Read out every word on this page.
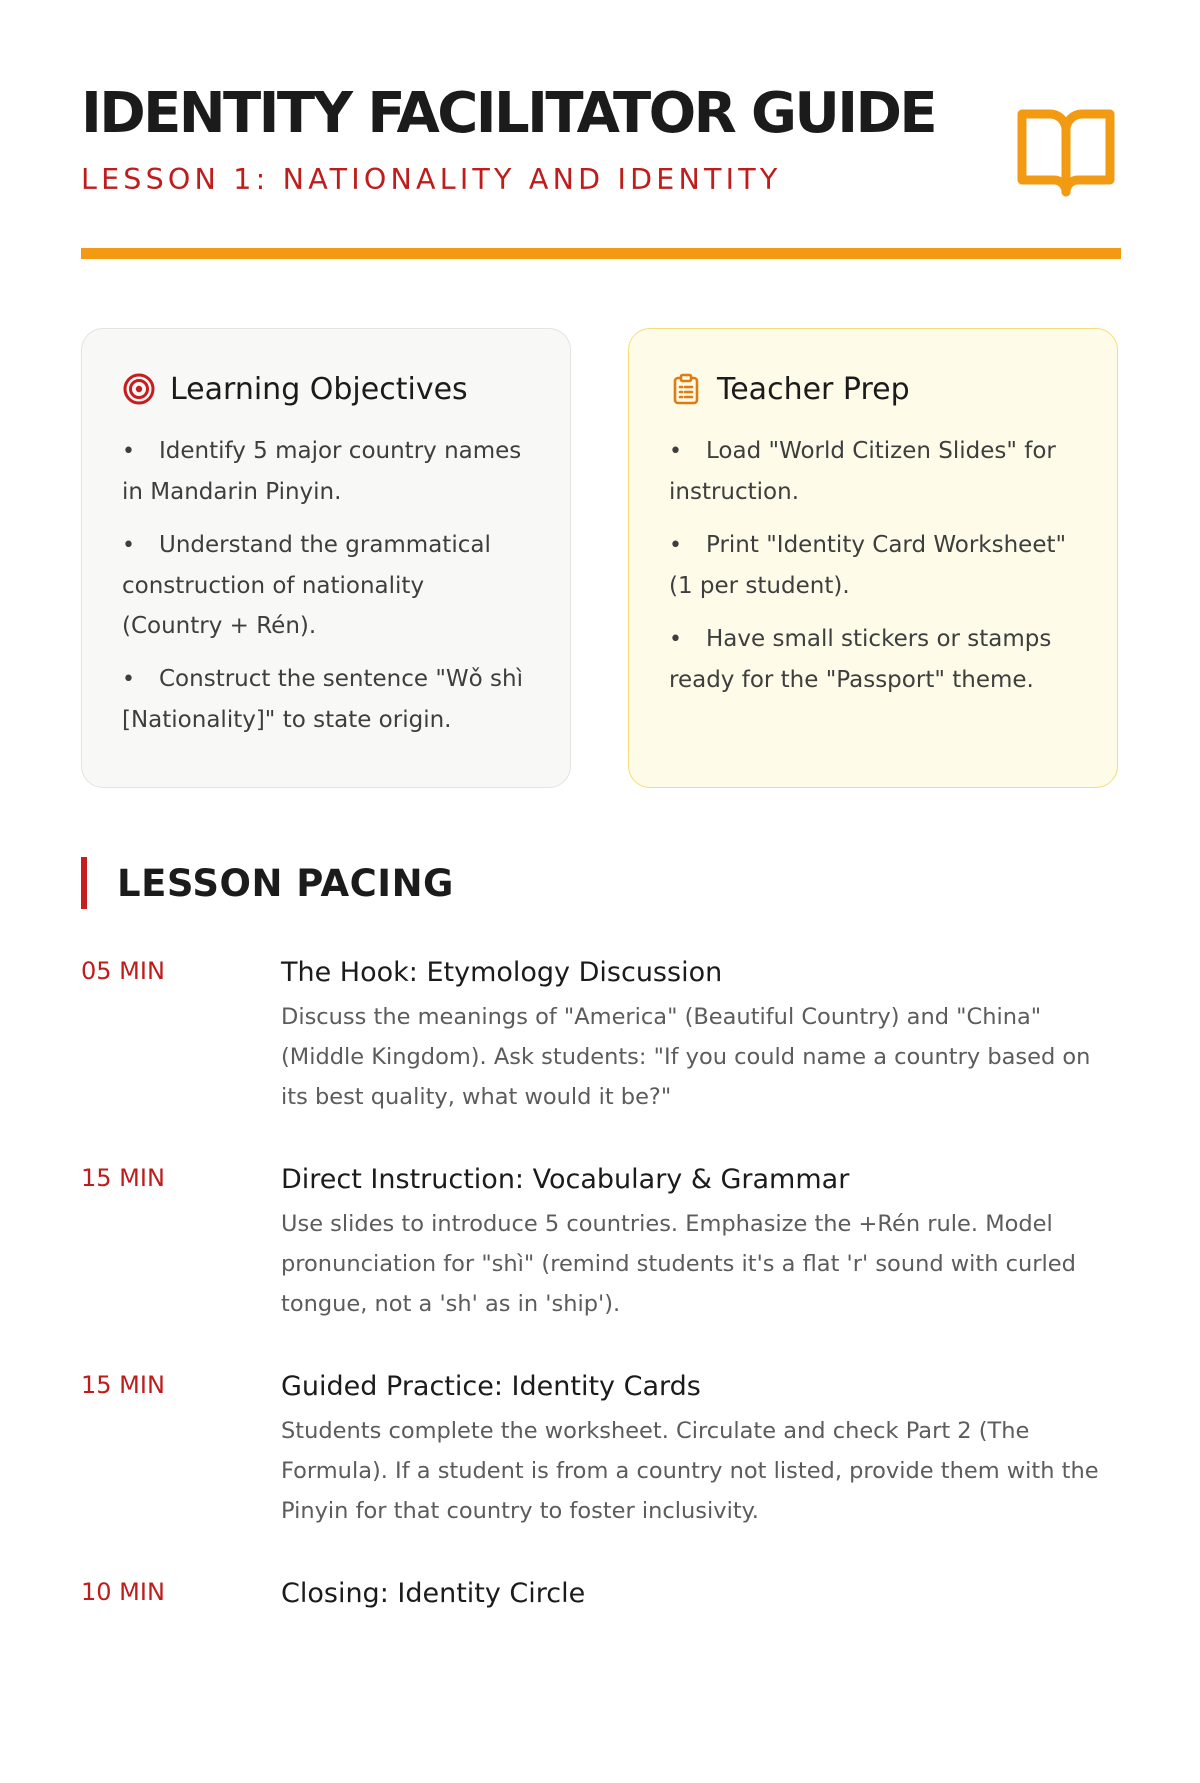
IDENTITY FACILITATOR GUIDE
LESSON 1: NATIONALITY AND IDENTITY
Learning Objectives
• Identify 5 major country names in Mandarin Pinyin.
• Understand the grammatical construction of nationality (Country + Rén).
• Construct the sentence "Wǒ shì [Nationality]" to state origin.
Teacher Prep
• Load "World Citizen Slides" for instruction.
• Print "Identity Card Worksheet" (1 per student).
• Have small stickers or stamps ready for the "Passport" theme.
LESSON PACING
05 MIN	The Hook: Etymology Discussion
Discuss the meanings of "America" (Beautiful Country) and "China" (Middle Kingdom). Ask students: "If you could name a country based on its best quality, what would it be?"
15 MIN	Direct Instruction: Vocabulary & Grammar
Use slides to introduce 5 countries. Emphasize the +Rén rule. Model pronunciation for "shì" (remind students it's a flat 'r' sound with curled tongue, not a 'sh' as in 'ship').
15 MIN	Guided Practice: Identity Cards
Students complete the worksheet. Circulate and check Part 2 (The Formula). If a student is from a country not listed, provide them with the Pinyin for that country to foster inclusivity.
10 MIN	Closing: Identity Circle
